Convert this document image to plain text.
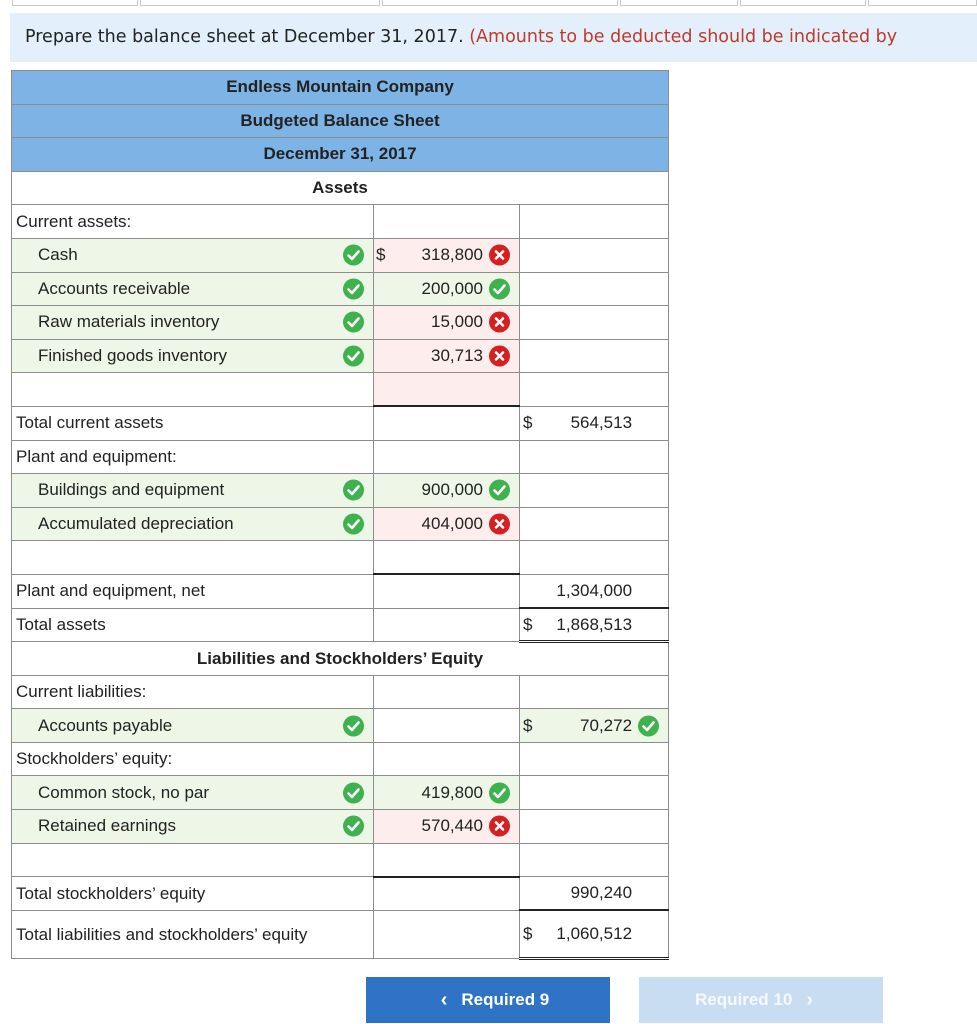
Prepare the balance sheet at December 31, 2017. (Amounts to be deducted should be indicated by
Endless Mountain Company		
Budgeted Balance Sheet		
December 31, 2017		
Assets		
Current assets:		
Cash	$ 318,800	

Accounts receivable	200,000	

Raw materials inventory	15,000	

Finished goods inventory	30,713	

Total current assets		$ 564,513

Plant and equipment:		
Buildings and equipment	900,000	

Accumulated depreciation	404,000	

Plant and equipment, net		1,304,000

Total assets		$ 1,868,513

Liabilities and Stockholders’ Equity		
Current liabilities:		
Accounts payable		$ 70,272

Stockholders’ equity:		
Common stock, no par	419,800	

Retained earnings	570,440	

Total stockholders’ equity		990,240

Total liabilities and stockholders’ equity		$ 1,060,512
‹ Required 9	Required 10 ›
